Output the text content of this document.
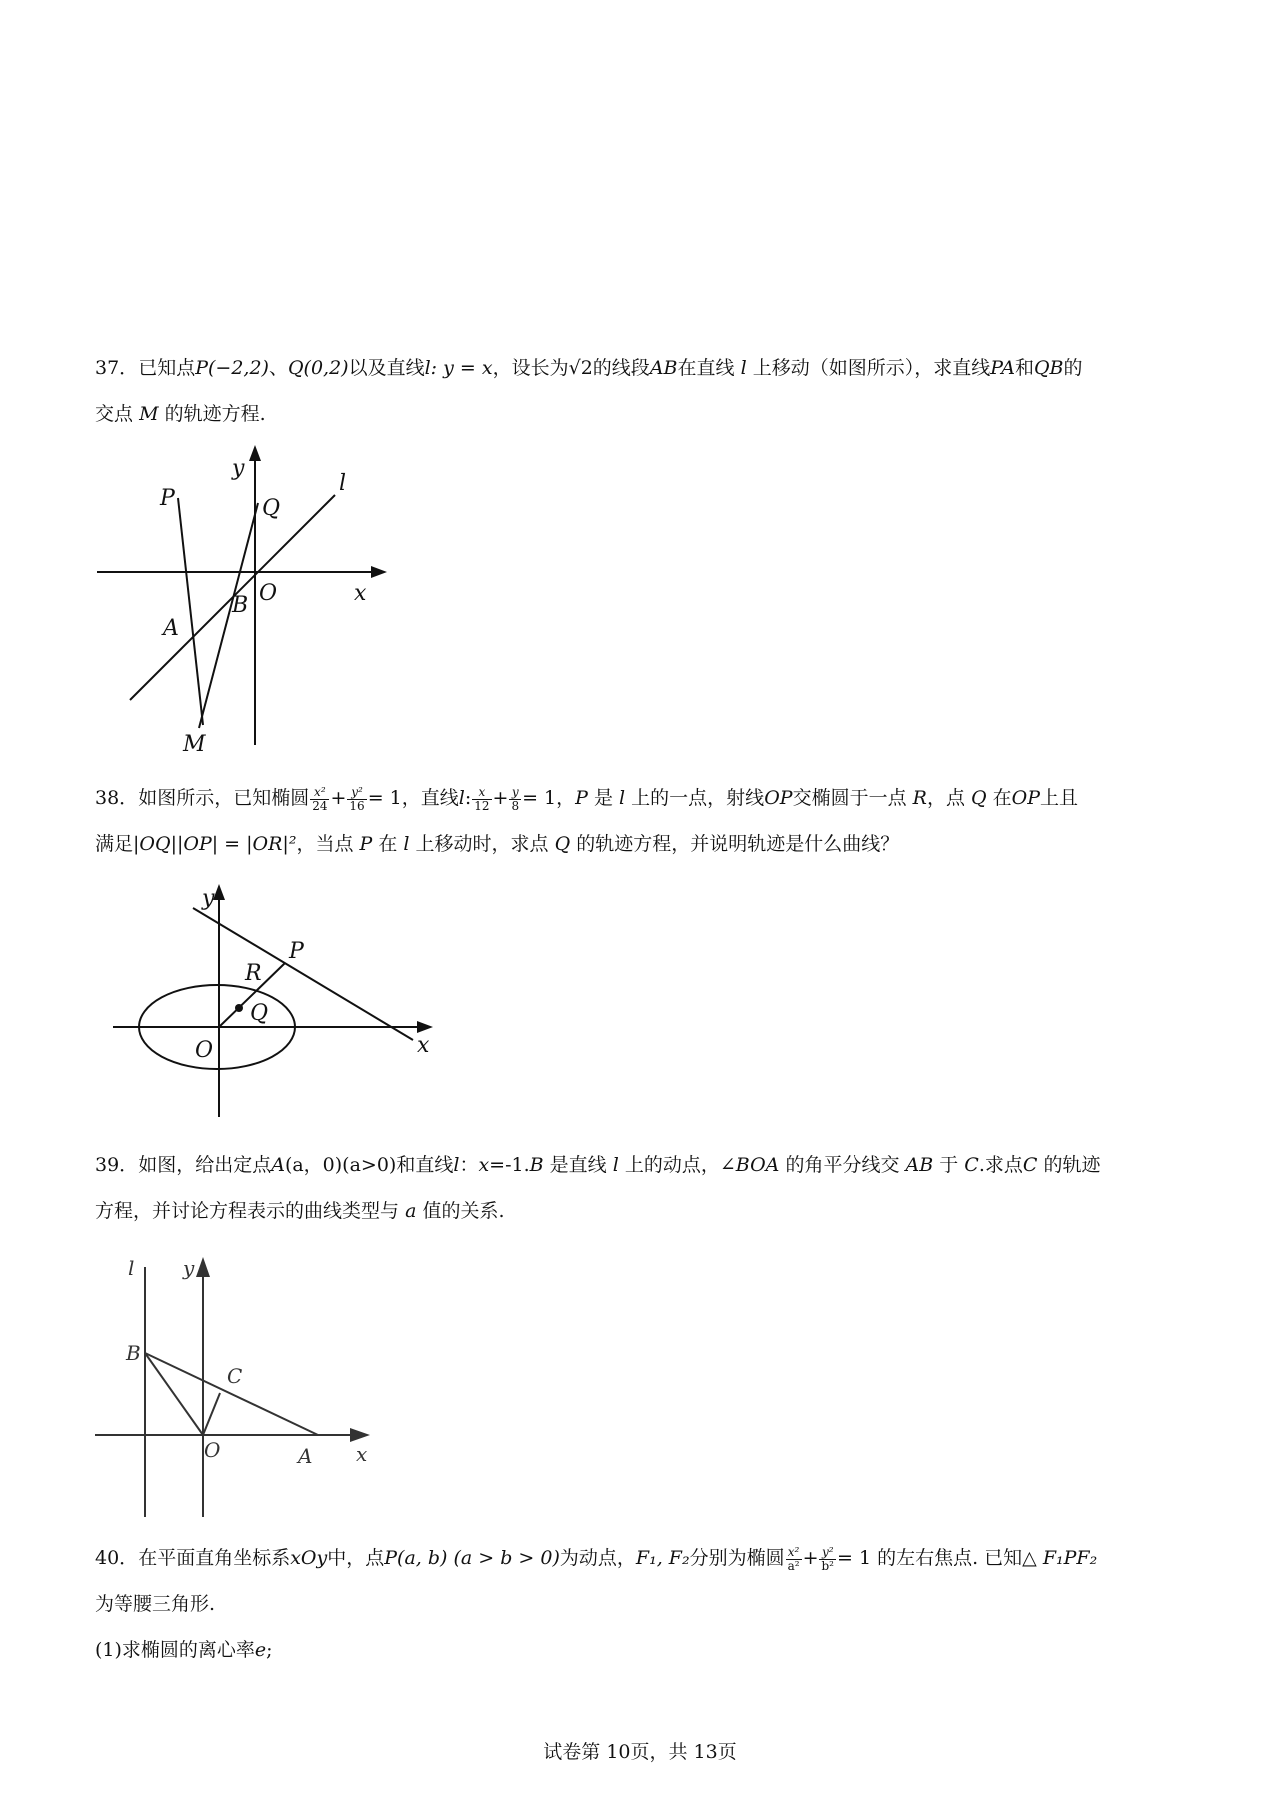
37．已知点P(−2,2)、Q(0,2)以及直线l: y = x，设长为√2的线段AB在直线 l 上移动（如图所示），求直线PA和QB的

交点 M 的轨迹方程.

y
l
P	Q
O	x
B
A
M

38．如图所示，已知椭圆 $\frac{\text{x²}}{24} + \frac{\text{y²}}{16} = 1$，直线l: $\frac{x}{12} + \frac{y}{8} = 1$，P 是 l 上的一点，射线OP交椭圆于一点 R，点 Q 在OP上且

满足|OQ||OP| = |OR|²，当点 P 在 l 上移动时，求点 Q 的轨迹方程，并说明轨迹是什么曲线？

y
P
R
Q
O	x

39．如图，给出定点A(a，0)(a>0)和直线l：x=-1.B 是直线 l 上的动点，∠BOA 的角平分线交 AB 于 C.求点C 的轨迹

方程，并讨论方程表示的曲线类型与 a 值的关系.

l y
B
C
O	A x

40．在平面直角坐标系xOy中，点P(a, b) (a > b > 0)为动点，F₁, F₂分别为椭圆 $\frac{\text{x²}}{\text{a²}} + \frac{\text{y²}}{\text{b²}} = 1$ 的左右焦点. 已知△ F₁PF₂

为等腰三角形.

(1)求椭圆的离心率e;

试卷第 10页，共 13页
